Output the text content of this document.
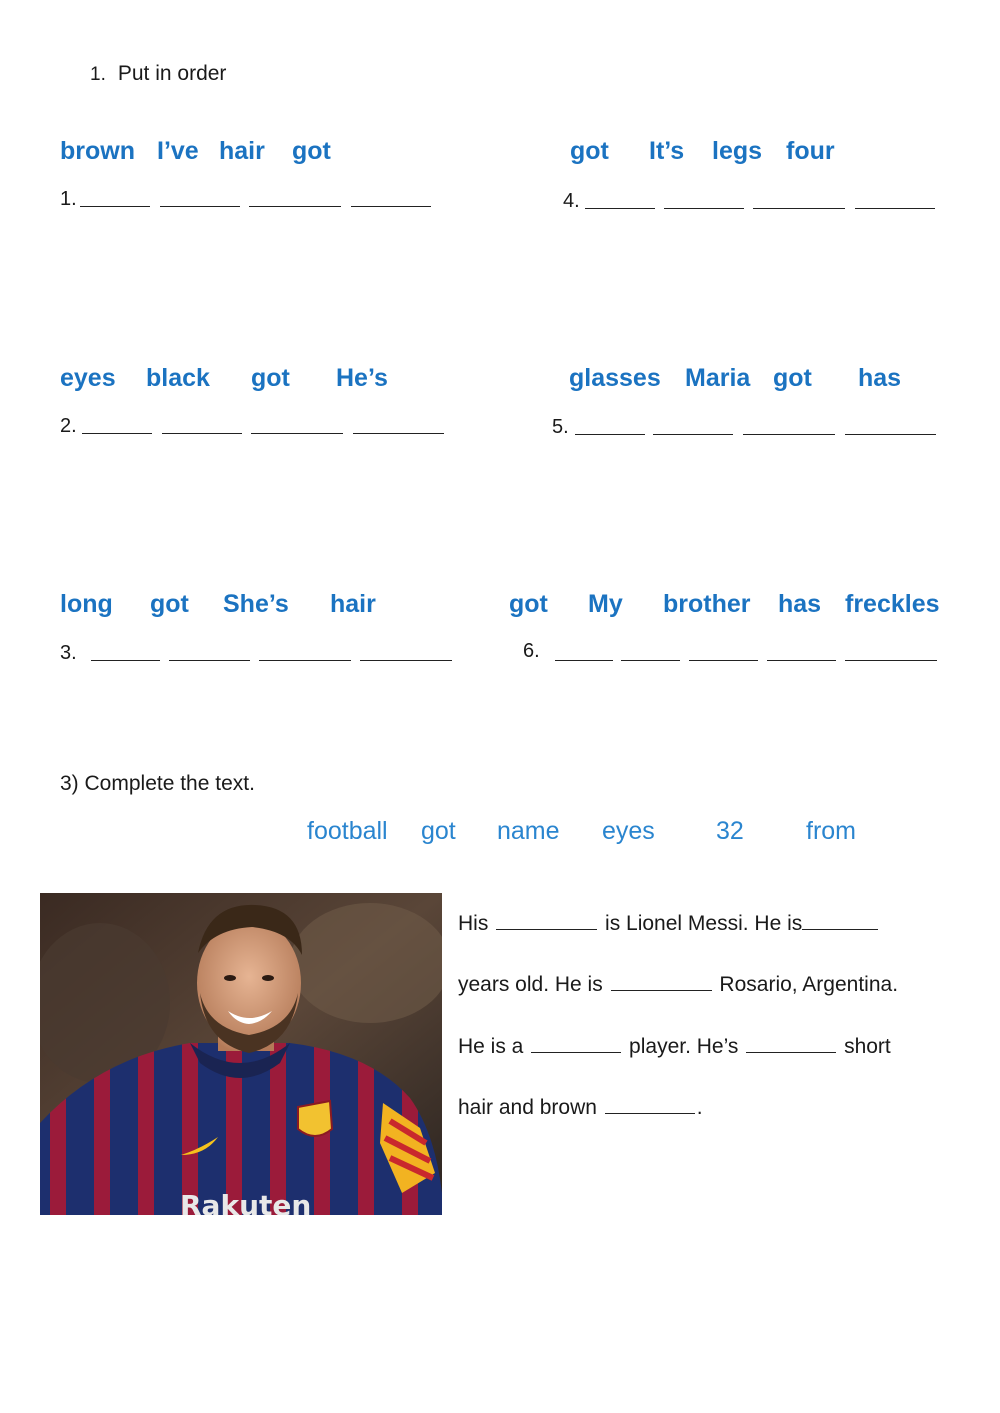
1. Put in order
brown I’ve hair got
1.
got It’s legs four
4.
eyes black got He’s
2.
glasses Maria got has
5.
long got She’s hair
3.
got My brother has freckles
6.
3) Complete the text.
football got name eyes 32 from
Rakuten
His	is Lionel Messi. He is
years old. He is	Rosario, Argentina.
He is a	player. He’s	short
hair and brown	.
